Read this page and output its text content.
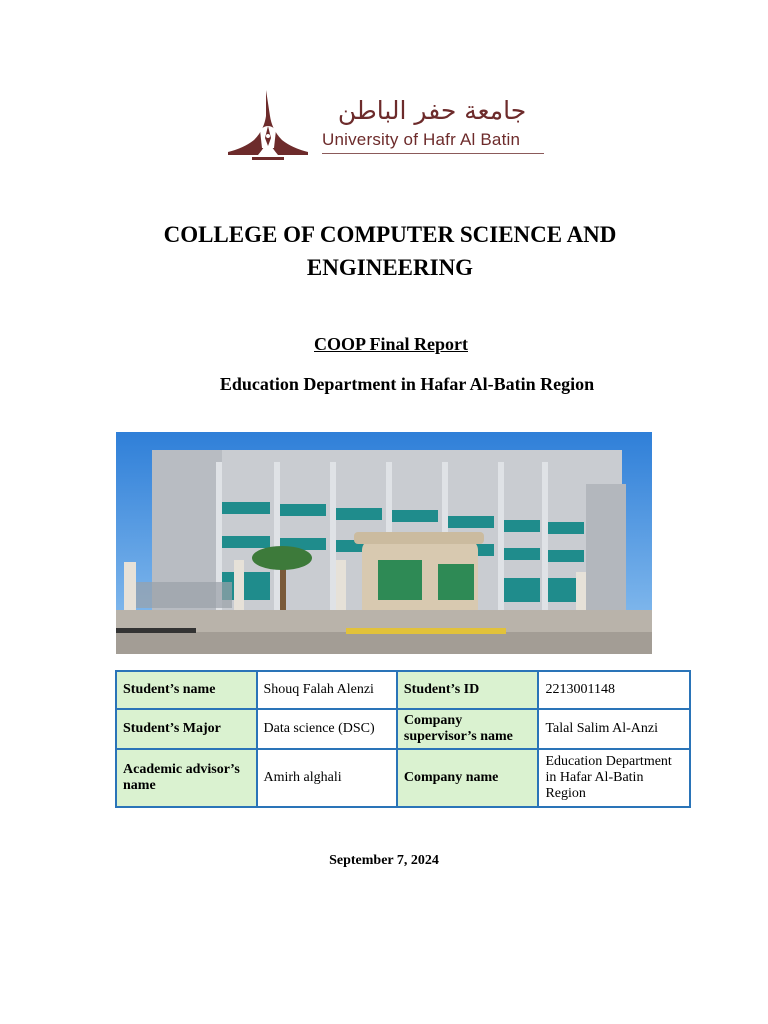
جامعة حفر الباطن
University of Hafr Al Batin
COLLEGE OF COMPUTER SCIENCE AND ENGINEERING
COOP Final Report
Education Department in Hafar Al-Batin Region
Student’s name	Shouq Falah Alenzi	Student’s ID	2213001148
Student’s Major	Data science (DSC)	Company supervisor’s name	Talal Salim Al-Anzi
Academic advisor’s name	Amirh alghali	Company name	Education Department in Hafar Al-Batin Region
September 7, 2024
